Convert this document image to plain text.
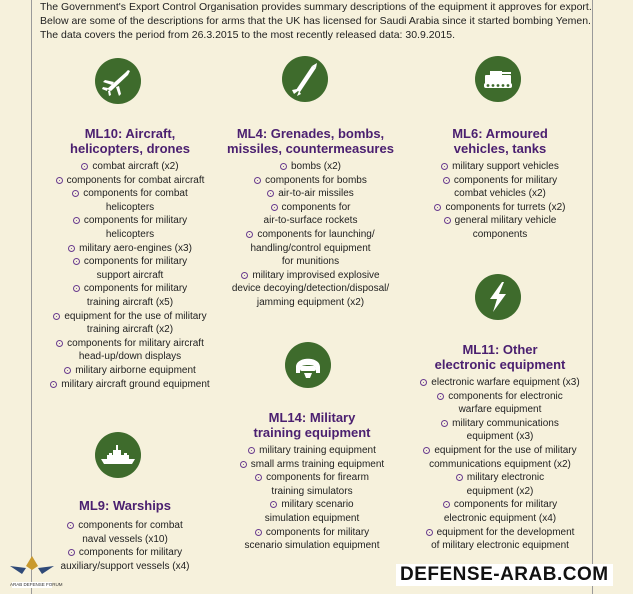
The Government's Export Control Organisation provides summary descriptions of the equipment it approves for export.
Below are some of the descriptions for arms that the UK has licensed for Saudi Arabia since it started bombing Yemen.
The data covers the period from 26.3.2015 to the most recently released data: 30.9.2015.
ML10: Aircraft,
helicopters, drones
combat aircraft (x2)
components for combat aircraft
components for combat
helicopters
components for military
helicopters
military aero-engines (x3)
components for military
support aircraft
components for military
training aircraft (x5)
equipment for the use of military
training aircraft (x2)
components for military aircraft
head-up/down displays
military airborne equipment
military aircraft ground equipment
ML4: Grenades, bombs,
missiles, countermeasures
bombs (x2)
components for bombs
air-to-air missiles
components for
air-to-surface rockets
components for launching/
handling/control equipment
for munitions
military improvised explosive
device decoying/detection/disposal/
jamming equipment (x2)
ML6: Armoured
vehicles, tanks
military support vehicles
components for military
combat vehicles (x2)
components for turrets (x2)
general military vehicle
components
ML11: Other
electronic equipment
electronic warfare equipment (x3)
components for electronic
warfare equipment
military communications
equipment (x3)
equipment for the use of military
communications equipment (x2)
military electronic
equipment (x2)
components for military
electronic equipment (x4)
equipment for the development
of military electronic equipment
ML14: Military
training equipment
military training equipment
small arms training equipment
components for firearm
training simulators
military scenario
simulation equipment
components for military
scenario simulation equipment
ML9: Warships
components for combat
naval vessels (x10)
components for military
auxiliary/support vessels (x4)
ARAB DEFENSE FORUM	DEFENSE-ARAB.COM
